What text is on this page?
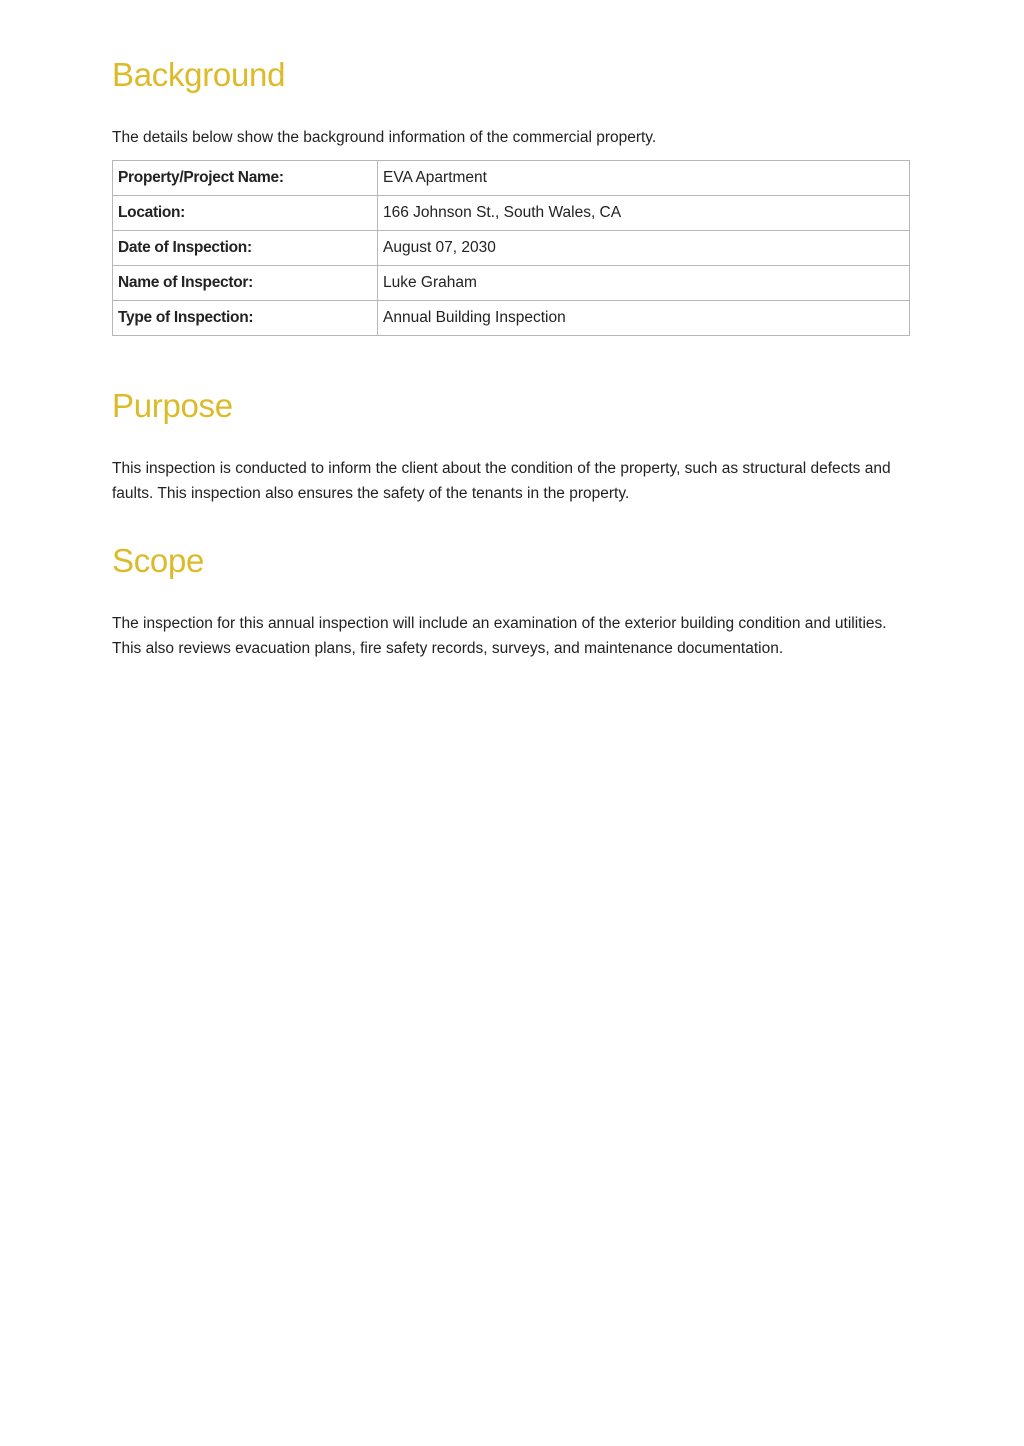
Background

The details below show the background information of the commercial property.

Property/Project Name:	EVA Apartment
Location:	166 Johnson St., South Wales, CA
Date of Inspection:	August 07, 2030
Name of Inspector:	Luke Graham
Type of Inspection:	Annual Building Inspection
Purpose

This inspection is conducted to inform the client about the condition of the property, such as structural defects and faults. This inspection also ensures the safety of the tenants in the property.

Scope

The inspection for this annual inspection will include an examination of the exterior building condition and utilities. This also reviews evacuation plans, fire safety records, surveys, and maintenance documentation.
